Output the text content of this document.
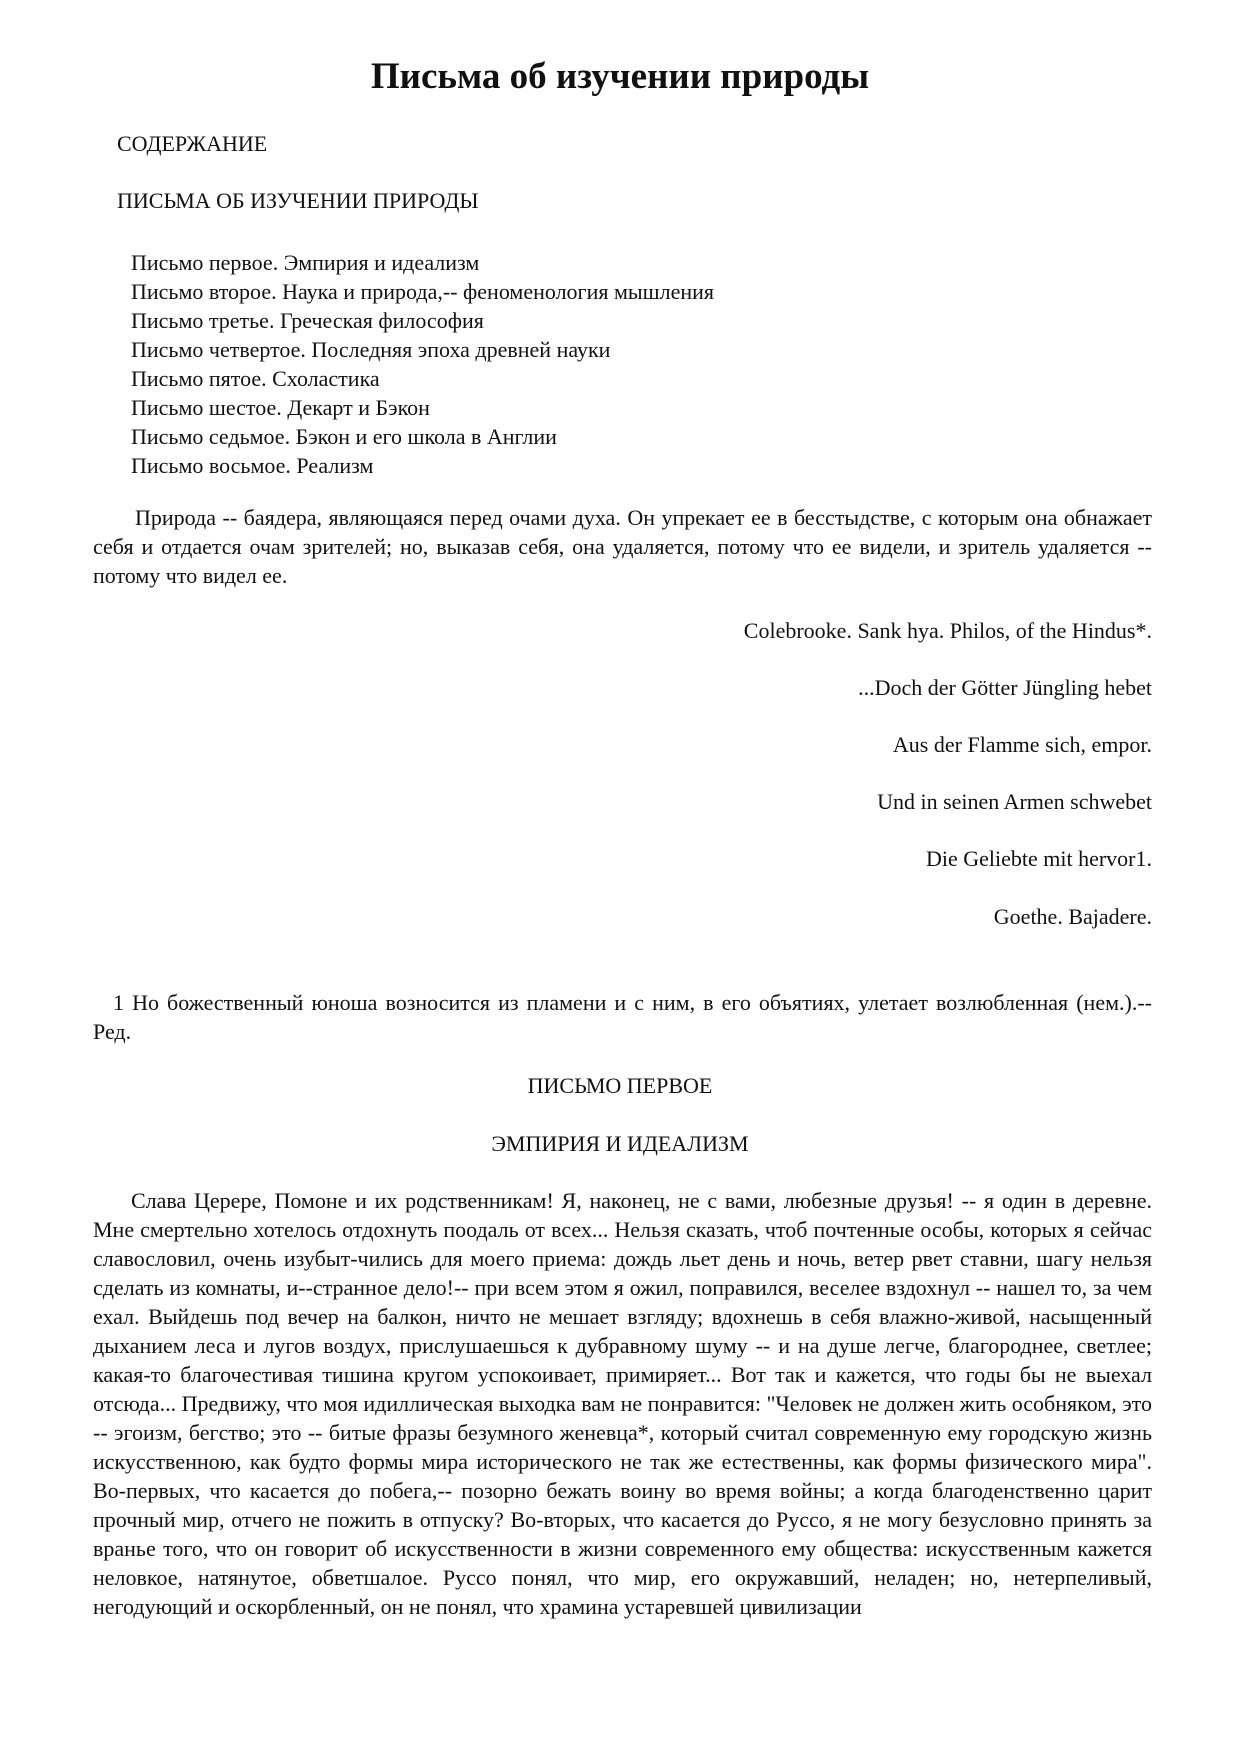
Письма об изучении природы
СОДЕРЖАНИЕ
ПИСЬМА ОБ ИЗУЧЕНИИ ПРИРОДЫ
Письмо первое. Эмпирия и идеализм
Письмо второе. Наука и природа,-- феноменология мышления
Письмо третье. Греческая философия
Письмо четвертое. Последняя эпоха древней науки
Письмо пятое. Схоластика
Письмо шестое. Декарт и Бэкон
Письмо седьмое. Бэкон и его школа в Англии
Письмо восьмое. Реализм

Природа -- баядера, являющаяся перед очами духа. Он упрекает ее в бесстыдстве, с которым она обнажает себя и отдается очам зрителей; но, выказав себя, она удаляется, потому что ее видели, и зритель удаляется -- потому что видел ее.

Colebrooke. Sank hya. Philos, of the Hindus*.
...Doch der Götter Jüngling hebet
Aus der Flamme sich, empor.
Und in seinen Armen schwebet
Die Geliebte mit hervor1.
Goethe. Bajadere.

1 Но божественный юноша возносится из пламени и с ним, в его объятиях, улетает возлюбленная (нем.).-- Ред.

ПИСЬМО ПЕРВОЕ
ЭМПИРИЯ И ИДЕАЛИЗМ

Слава Церере, Помоне и их родственникам! Я, наконец, не с вами, любезные друзья! -- я один в деревне. Мне смертельно хотелось отдохнуть поодаль от всех... Нельзя сказать, чтоб почтенные особы, которых я сейчас славословил, очень изубыт-чились для моего приема: дождь льет день и ночь, ветер рвет ставни, шагу нельзя сделать из комнаты, и--странное дело!-- при всем этом я ожил, поправился, веселее вздохнул -- нашел то, за чем ехал. Выйдешь под вечер на балкон, ничто не мешает взгляду; вдохнешь в себя влажно-живой, насыщенный дыханием леса и лугов воздух, прислушаешься к дубравному шуму -- и на душе легче, благороднее, светлее; какая-то благочестивая тишина кругом успокоивает, примиряет... Вот так и кажется, что годы бы не выехал отсюда... Предвижу, что моя идиллическая выходка вам не понравится: "Человек не должен жить особняком, это -- эгоизм, бегство; это -- битые фразы безумного женевца*, который считал современную ему городскую жизнь искусственною, как будто формы мира исторического не так же естественны, как формы физического мира". Во-первых, что касается до побега,-- позорно бежать воину во время войны; а когда благоденственно царит прочный мир, отчего не пожить в отпуску? Во-вторых, что касается до Руссо, я не могу безусловно принять за вранье того, что он говорит об искусственности в жизни современного ему общества: искусственным кажется неловкое, натянутое, обветшалое. Руссо понял, что мир, его окружавший, неладен; но, нетерпеливый, негодующий и оскорбленный, он не понял, что храмина устаревшей цивилизации
